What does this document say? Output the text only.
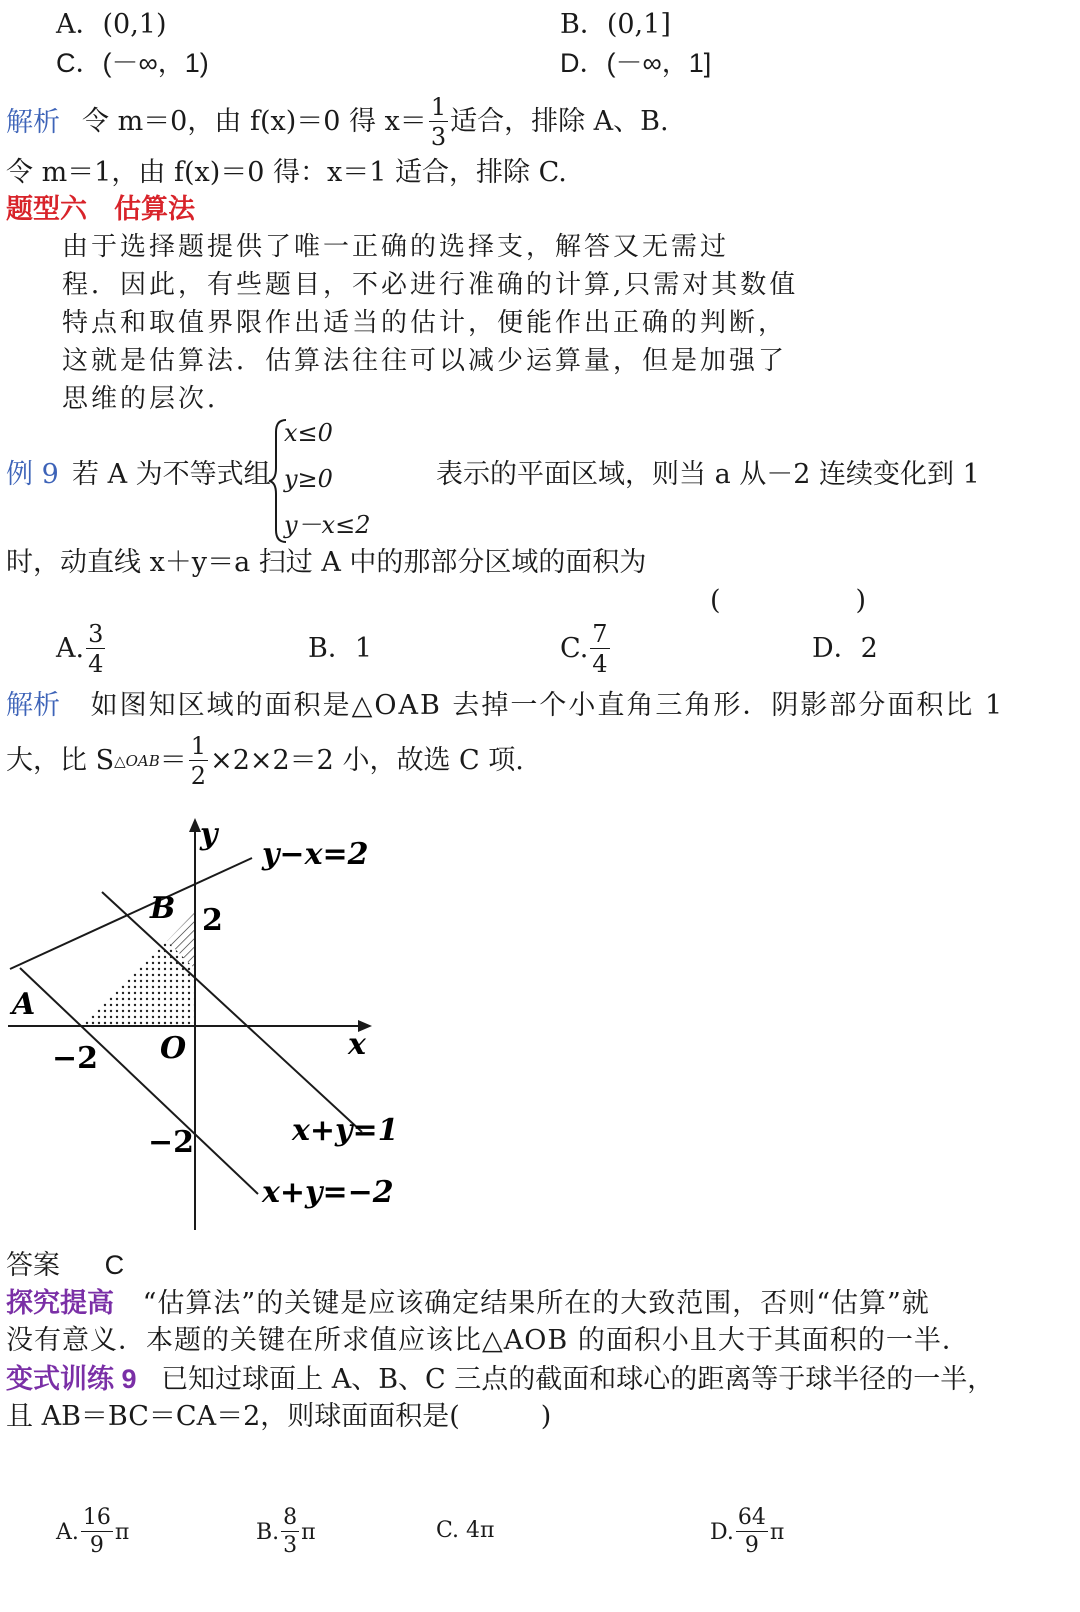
A．(0,1)	B．(0,1]
C．(－∞，1)	D．(－∞，1]
解析 令 m＝0，由 f(x)＝0 得 $x= \frac{1}{3}$ 适合，排除 A、B.
令 m＝1，由 f(x)＝0 得：x＝1 适合，排除 C.
题型六　估算法
由于选择题提供了唯一正确的选择支，解答又无需过
程．因此，有些题目，不必进行准确的计算,只需对其数值
特点和取值界限作出适当的估计，便能作出正确的判断，
这就是估算法．估算法往往可以减少运算量，但是加强了
思维的层次．
例 9 若 A 为不等式组
x≤0
y≥0
y－x≤2
表示的平面区域，则当 a 从－2 连续变化到 1
时，动直线 x＋y＝a 扫过 A 中的那部分区域的面积为
(　　　　　)
A. $\frac{3}{4}$	B．1	C. $\frac{7}{4}$	D．2
解析 如图知区域的面积是△OAB 去掉一个小直角三角形．阴影部分面积比 1
大，比 S △OAB ＝ $\frac{1}{2} \times 2\times 2=2$ 小，故选 C 项.
y
x
O
A
B 2
−2
−2
y−x=2
x+y=1
x+y=−2
答案 C
探究提高 “估算法”的关键是应该确定结果所在的大致范围，否则“估算”就
没有意义．本题的关键在所求值应该比△AOB 的面积小且大于其面积的一半．
变式训练 9 已知过球面上 A、B、C 三点的截面和球心的距离等于球半径的一半，
且 AB＝BC＝CA＝2，则球面面积是(　　　)
A. $\frac{16}{9}$ π	B. $\frac{8}{3}$ π	C. 4π	D. $\frac{64}{9}$ π
